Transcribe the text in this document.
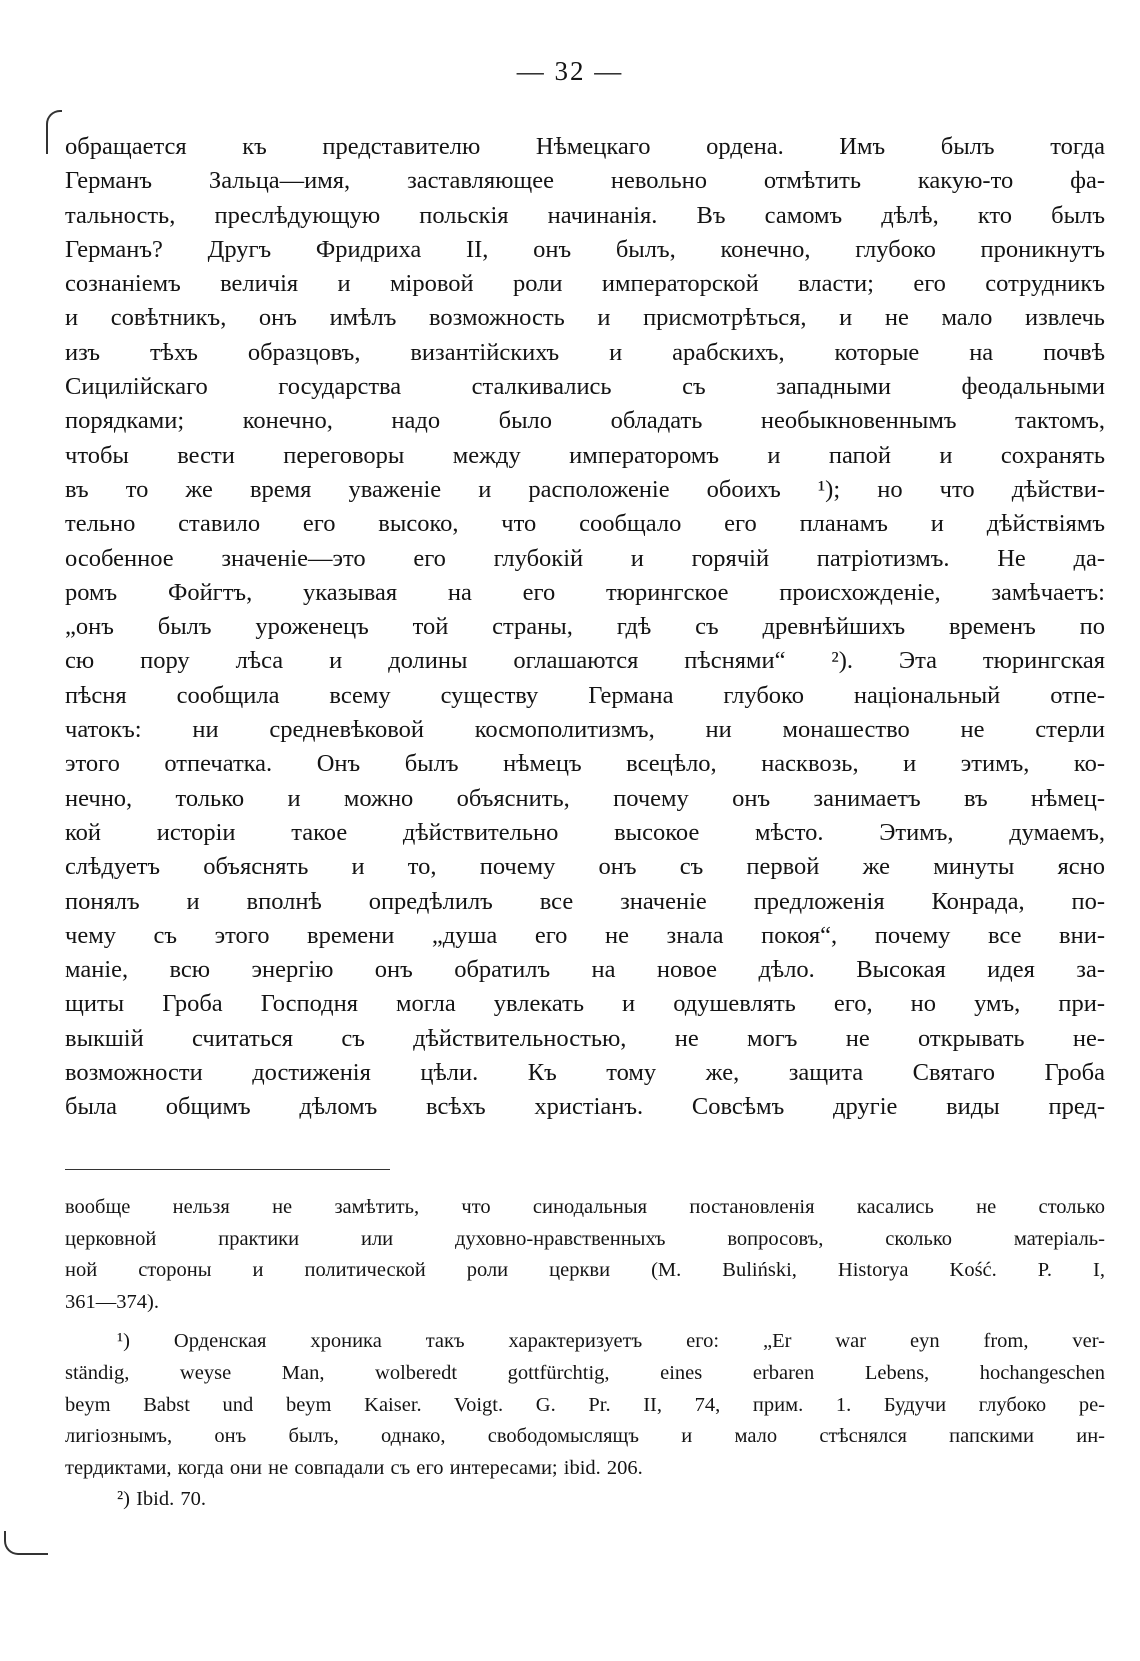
— 32 —
обращается къ представителю Нѣмецкаго ордена. Имъ былъ тогда
Германъ Зальца—имя, заставляющее невольно отмѣтить какую-то фа-
тальность, преслѣдующую польскія начинанія. Въ самомъ дѣлѣ, кто былъ
Германъ? Другъ Фридриха II, онъ былъ, конечно, глубоко проникнутъ
сознаніемъ величія и міровой роли императорской власти; его сотрудникъ
и совѣтникъ, онъ имѣлъ возможность и присмотрѣться, и не мало извлечь
изъ тѣхъ образцовъ, византійскихъ и арабскихъ, которые на почвѣ
Сицилійскаго государства сталкивались съ западными феодальными
порядками; конечно, надо было обладать необыкновеннымъ тактомъ,
чтобы вести переговоры между императоромъ и папой и сохранять
въ то же время уваженіе и расположеніе обоихъ ¹); но что дѣйстви-
тельно ставило его высоко, что сообщало его планамъ и дѣйствіямъ
особенное значеніе—это его глубокій и горячій патріотизмъ. Не да-
ромъ Фойгтъ, указывая на его тюрингское происхожденіе, замѣчаетъ:
„онъ былъ уроженецъ той страны, гдѣ съ древнѣйшихъ временъ по
сю пору лѣса и долины оглашаются пѣснями“ ²). Эта тюрингская
пѣсня сообщила всему существу Германа глубоко національный отпе-
чатокъ: ни средневѣковой космополитизмъ, ни монашество не стерли
этого отпечатка. Онъ былъ нѣмецъ всецѣло, насквозь, и этимъ, ко-
нечно, только и можно объяснить, почему онъ занимаетъ въ нѣмец-
кой исторіи такое дѣйствительно высокое мѣсто. Этимъ, думаемъ,
слѣдуетъ объяснять и то, почему онъ съ первой же минуты ясно
понялъ и вполнѣ опредѣлилъ все значеніе предложенія Конрада, по-
чему съ этого времени „душа его не знала покоя“, почему все вни-
маніе, всю энергію онъ обратилъ на новое дѣло. Высокая идея за-
щиты Гроба Господня могла увлекать и одушевлять его, но умъ, при-
выкшій считаться съ дѣйствительностью, не могъ не открывать не-
возможности достиженія цѣли. Къ тому же, защита Святаго Гроба
была общимъ дѣломъ всѣхъ христіанъ. Совсѣмъ другіе виды пред-
вообще нельзя не замѣтить, что синодальныя постановленія касались не столько
церковной практики или духовно-нравственныхъ вопросовъ, сколько матеріаль-
ной стороны и политической роли церкви (M. Buliński, Historya Kość. P. I,
361—374).
¹) Орденская хроника такъ характеризуетъ его: „Er war eyn from, ver-
ständig, weyse Man, wolberedt gottfürchtig, eines erbaren Lebens, hochangeschen
beym Babst und beym Kaiser. Voigt. G. Pr. II, 74, прим. 1. Будучи глубоко ре-
лигіознымъ, онъ былъ, однако, свободомыслящъ и мало стѣснялся папскими ин-
тердиктами, когда они не совпадали съ его интересами; ibid. 206.
²) Ibid. 70.
